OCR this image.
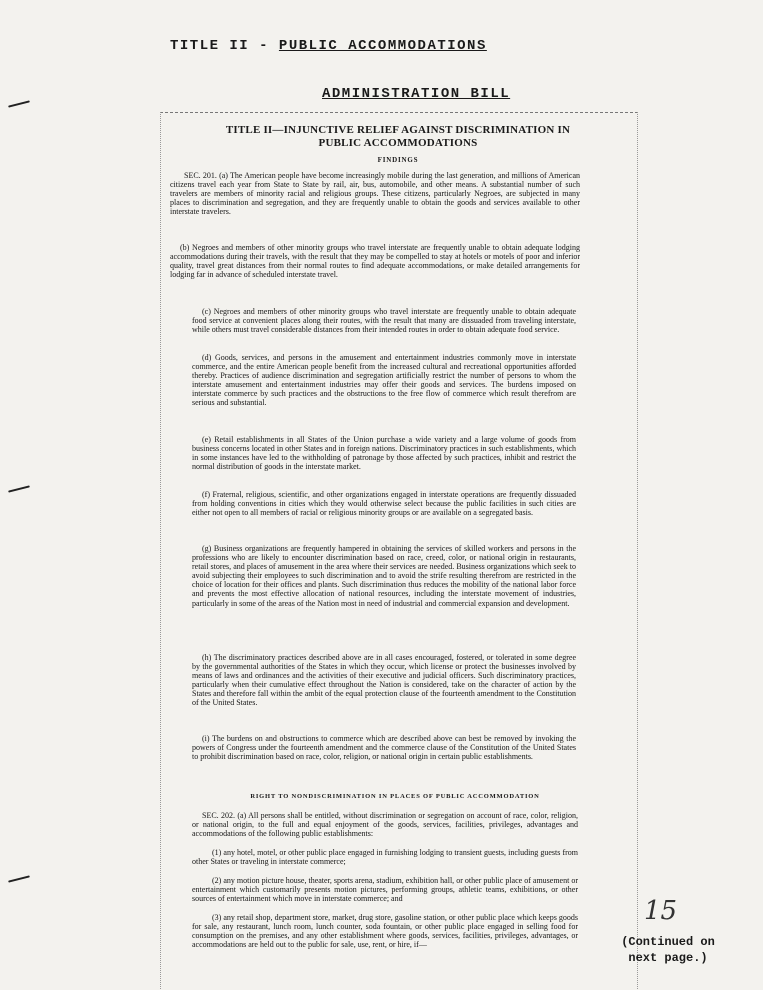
TITLE II - PUBLIC ACCOMMODATIONS
ADMINISTRATION BILL
TITLE II—INJUNCTIVE RELIEF AGAINST DISCRIMINATION IN
PUBLIC ACCOMMODATIONS
FINDINGS
SEC. 201. (a) The American people have become increasingly mobile during the last generation, and millions of American citizens travel each year from State to State by rail, air, bus, automobile, and other means. A substantial number of such travelers are members of minority racial and religious groups. These citizens, particularly Negroes, are subjected in many places to discrimination and segregation, and they are frequently unable to obtain the goods and services available to other interstate travelers.
(b) Negroes and members of other minority groups who travel interstate are frequently unable to obtain adequate lodging accommodations during their travels, with the result that they may be compelled to stay at hotels or motels of poor and inferior quality, travel great distances from their normal routes to find adequate accommodations, or make detailed arrangements for lodging far in advance of scheduled interstate travel.
(c) Negroes and members of other minority groups who travel interstate are frequently unable to obtain adequate food service at convenient places along their routes, with the result that many are dissuaded from traveling interstate, while others must travel considerable distances from their intended routes in order to obtain adequate food service.
(d) Goods, services, and persons in the amusement and entertainment industries commonly move in interstate commerce, and the entire American people benefit from the increased cultural and recreational opportunities afforded thereby. Practices of audience discrimination and segregation artificially restrict the number of persons to whom the interstate amusement and entertainment industries may offer their goods and services. The burdens imposed on interstate commerce by such practices and the obstructions to the free flow of commerce which result therefrom are serious and substantial.
(e) Retail establishments in all States of the Union purchase a wide variety and a large volume of goods from business concerns located in other States and in foreign nations. Discriminatory practices in such establishments, which in some instances have led to the withholding of patronage by those affected by such practices, inhibit and restrict the normal distribution of goods in the interstate market.
(f) Fraternal, religious, scientific, and other organizations engaged in interstate operations are frequently dissuaded from holding conventions in cities which they would otherwise select because the public facilities in such cities are either not open to all members of racial or religious minority groups or are available on a segregated basis.
(g) Business organizations are frequently hampered in obtaining the services of skilled workers and persons in the professions who are likely to encounter discrimination based on race, creed, color, or national origin in restaurants, retail stores, and places of amusement in the area where their services are needed. Business organizations which seek to avoid subjecting their employees to such discrimination and to avoid the strife resulting therefrom are restricted in the choice of location for their offices and plants. Such discrimination thus reduces the mobility of the national labor force and prevents the most effective allocation of national resources, including the interstate movement of industries, particularly in some of the areas of the Nation most in need of industrial and commercial expansion and development.
(h) The discriminatory practices described above are in all cases encouraged, fostered, or tolerated in some degree by the governmental authorities of the States in which they occur, which license or protect the businesses involved by means of laws and ordinances and the activities of their executive and judicial officers. Such discriminatory practices, particularly when their cumulative effect throughout the Nation is considered, take on the character of action by the States and therefore fall within the ambit of the equal protection clause of the fourteenth amendment to the Constitution of the United States.
(i) The burdens on and obstructions to commerce which are described above can best be removed by invoking the powers of Congress under the fourteenth amendment and the commerce clause of the Constitution of the United States to prohibit discrimination based on race, color, religion, or national origin in certain public establishments.
RIGHT TO NONDISCRIMINATION IN PLACES OF PUBLIC ACCOMMODATION
SEC. 202. (a) All persons shall be entitled, without discrimination or segregation on account of race, color, religion, or national origin, to the full and equal enjoyment of the goods, services, facilities, privileges, advantages and accommodations of the following public establishments:
(1) any hotel, motel, or other public place engaged in furnishing lodging to transient guests, including guests from other States or traveling in interstate commerce;
(2) any motion picture house, theater, sports arena, stadium, exhibition hall, or other public place of amusement or entertainment which customarily presents motion pictures, performing groups, athletic teams, exhibitions, or other sources of entertainment which move in interstate commerce; and
(3) any retail shop, department store, market, drug store, gasoline station, or other public place which keeps goods for sale, any restaurant, lunch room, lunch counter, soda fountain, or other public place engaged in selling food for consumption on the premises, and any other establishment where goods, services, facilities, privileges, advantages, or accommodations are held out to the public for sale, use, rent, or hire, if—
15
(Continued on
next page.)
